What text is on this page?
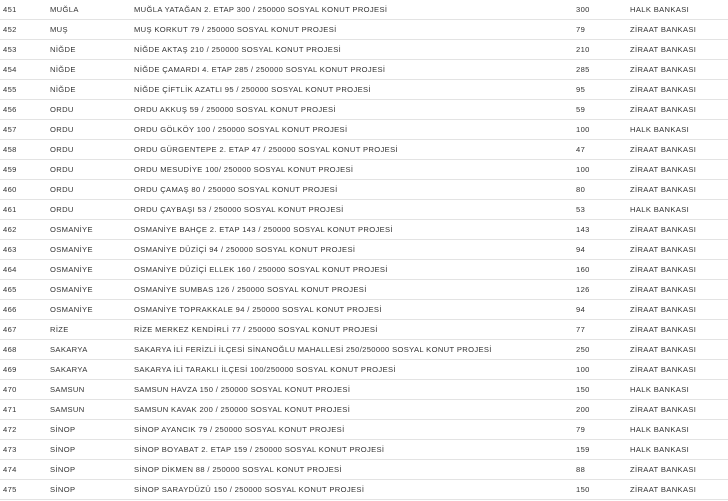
451	MUĞLA	MUĞLA YATAĞAN 2. ETAP 300 / 250000 SOSYAL KONUT PROJESİ	300	HALK BANKASI
452	MUŞ	MUŞ KORKUT 79 / 250000 SOSYAL KONUT PROJESİ	79	ZİRAAT BANKASI
453	NİĞDE	NİĞDE AKTAŞ 210 / 250000 SOSYAL KONUT PROJESİ	210	ZİRAAT BANKASI
454	NİĞDE	NİĞDE ÇAMARDI 4. ETAP 285 / 250000 SOSYAL KONUT PROJESİ	285	ZİRAAT BANKASI
455	NİĞDE	NİĞDE ÇİFTLİK AZATLI 95 / 250000 SOSYAL KONUT PROJESİ	95	ZİRAAT BANKASI
456	ORDU	ORDU AKKUŞ 59 / 250000 SOSYAL KONUT PROJESİ	59	ZİRAAT BANKASI
457	ORDU	ORDU GÖLKÖY 100 / 250000 SOSYAL KONUT PROJESİ	100	HALK BANKASI
458	ORDU	ORDU GÜRGENTEPE 2. ETAP 47 / 250000 SOSYAL KONUT PROJESİ	47	ZİRAAT BANKASI
459	ORDU	ORDU MESUDİYE 100/ 250000 SOSYAL KONUT PROJESİ	100	ZİRAAT BANKASI
460	ORDU	ORDU ÇAMAŞ 80 / 250000 SOSYAL KONUT PROJESİ	80	ZİRAAT BANKASI
461	ORDU	ORDU ÇAYBAŞI 53 / 250000 SOSYAL KONUT PROJESİ	53	HALK BANKASI
462	OSMANİYE	OSMANİYE BAHÇE 2. ETAP 143 / 250000 SOSYAL KONUT PROJESİ	143	ZİRAAT BANKASI
463	OSMANİYE	OSMANİYE DÜZİÇİ 94 / 250000 SOSYAL KONUT PROJESİ	94	ZİRAAT BANKASI
464	OSMANİYE	OSMANİYE DÜZİÇİ ELLEK 160 / 250000 SOSYAL KONUT PROJESİ	160	ZİRAAT BANKASI
465	OSMANİYE	OSMANİYE SUMBAS 126 / 250000 SOSYAL KONUT PROJESİ	126	ZİRAAT BANKASI
466	OSMANİYE	OSMANİYE TOPRAKKALE 94 / 250000 SOSYAL KONUT PROJESİ	94	ZİRAAT BANKASI
467	RİZE	RİZE MERKEZ KENDİRLİ 77 / 250000 SOSYAL KONUT PROJESİ	77	ZİRAAT BANKASI
468	SAKARYA	SAKARYA İLİ FERİZLİ İLÇESİ SİNANOĞLU MAHALLESİ 250/250000 SOSYAL KONUT PROJESİ	250	ZİRAAT BANKASI
469	SAKARYA	SAKARYA İLİ TARAKLI İLÇESİ 100/250000 SOSYAL KONUT PROJESİ	100	ZİRAAT BANKASI
470	SAMSUN	SAMSUN HAVZA 150 / 250000 SOSYAL KONUT PROJESİ	150	HALK BANKASI
471	SAMSUN	SAMSUN KAVAK 200 / 250000 SOSYAL KONUT PROJESİ	200	ZİRAAT BANKASI
472	SİNOP	SİNOP AYANCIK 79 / 250000 SOSYAL KONUT PROJESİ	79	HALK BANKASI
473	SİNOP	SİNOP BOYABAT 2. ETAP 159 / 250000 SOSYAL KONUT PROJESİ	159	HALK BANKASI
474	SİNOP	SİNOP DİKMEN 88 / 250000 SOSYAL KONUT PROJESİ	88	ZİRAAT BANKASI
475	SİNOP	SİNOP SARAYDÜZÜ 150 / 250000 SOSYAL KONUT PROJESİ	150	ZİRAAT BANKASI
